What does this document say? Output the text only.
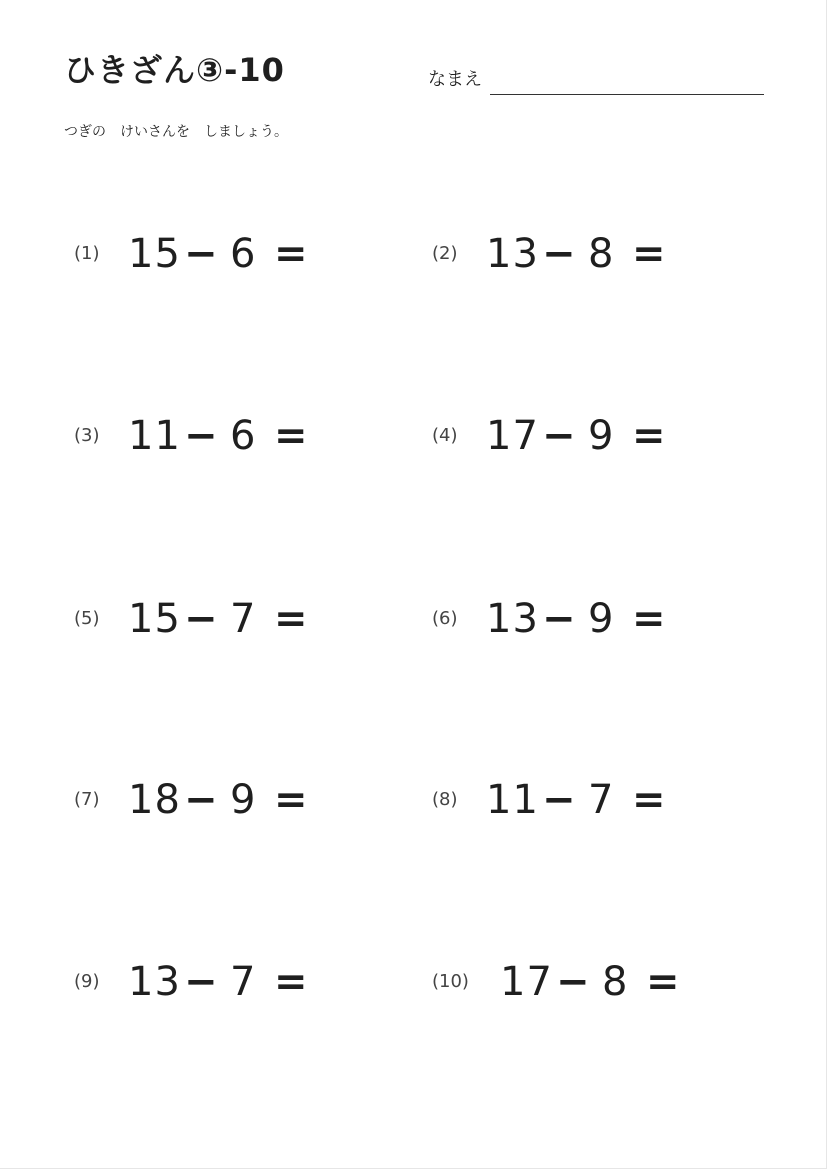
ひきざん③-10	なまえ
つぎの　けいさんを　しましょう。
(1) 15 − 6 =	(2) 13 − 8 =
(3) 11 − 6 =	(4) 17 − 9 =
(5) 15 − 7 =	(6) 13 − 9 =
(7) 18 − 9 =	(8) 11 − 7 =
(9) 13 − 7 =	(10) 17 − 8 =
